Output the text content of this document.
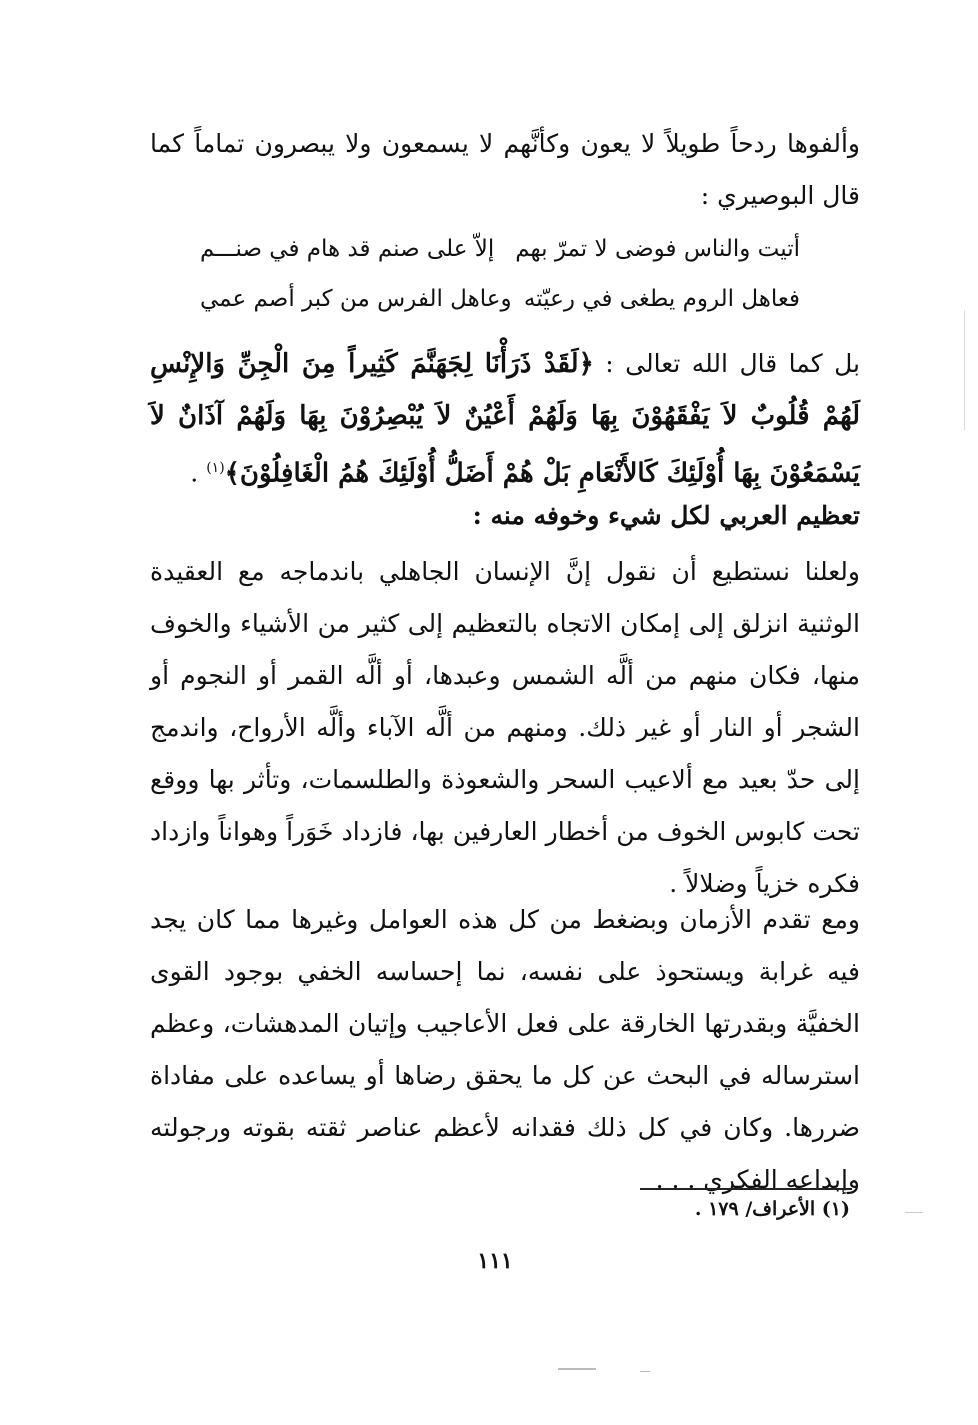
وألفوها ردحاً طويلاً لا يعون وكأنَّهم لا يسمعون ولا يبصرون تماماً كما قال البوصيري :

أتيت والناس فوضى لا تمرّ بهم
إلاّ على صنم قد هام في صنـــم
فعاهل الروم يطغى في رعيّته
وعاهل الفرس من كبر أصم عمي

بل كما قال الله تعالى : ﴿لَقَدْ ذَرَأْنَا لِجَهَنَّمَ كَثِيراً مِنَ الْجِنِّ وَالإِنْسِ لَهُمْ قُلُوبٌ لاَ يَفْقَهُوْنَ بِهَا وَلَهُمْ أَعْيُنٌ لاَ يُبْصِرُوْنَ بِهَا وَلَهُمْ آذَانٌ لاَ يَسْمَعُوْنَ بِهَا أُوْلَئِكَ كَالأَنْعَامِ بَلْ هُمْ أَضَلُّ أُوْلَئِكَ هُمُ الْغَافِلُوْنَ﴾$^{(١)}$ .

تعظيم العربي لكل شيء وخوفه منه :

ولعلنا نستطيع أن نقول إنَّ الإنسان الجاهلي باندماجه مع العقيدة الوثنية انزلق إلى إمكان الاتجاه بالتعظيم إلى كثير من الأشياء والخوف منها، فكان منهم من ألَّه الشمس وعبدها، أو ألَّه القمر أو النجوم أو الشجر أو النار أو غير ذلك. ومنهم من ألَّه الآباء وألَّه الأرواح، واندمج إلى حدّ بعيد مع ألاعيب السحر والشعوذة والطلسمات، وتأثر بها ووقع تحت كابوس الخوف من أخطار العارفين بها، فازداد خَوَراً وهواناً وازداد فكره خزياً وضلالاً .

ومع تقدم الأزمان وبضغط من كل هذه العوامل وغيرها مما كان يجد فيه غرابة ويستحوذ على نفسه، نما إحساسه الخفي بوجود القوى الخفيَّة وبقدرتها الخارقة على فعل الأعاجيب وإتيان المدهشات، وعظم استرساله في البحث عن كل ما يحقق رضاها أو يساعده على مفاداة ضررها. وكان في كل ذلك فقدانه لأعظم عناصر ثقته بقوته ورجولته وإبداعه الفكري . . .

(١) الأعراف/ ١٧٩ .
١١١
